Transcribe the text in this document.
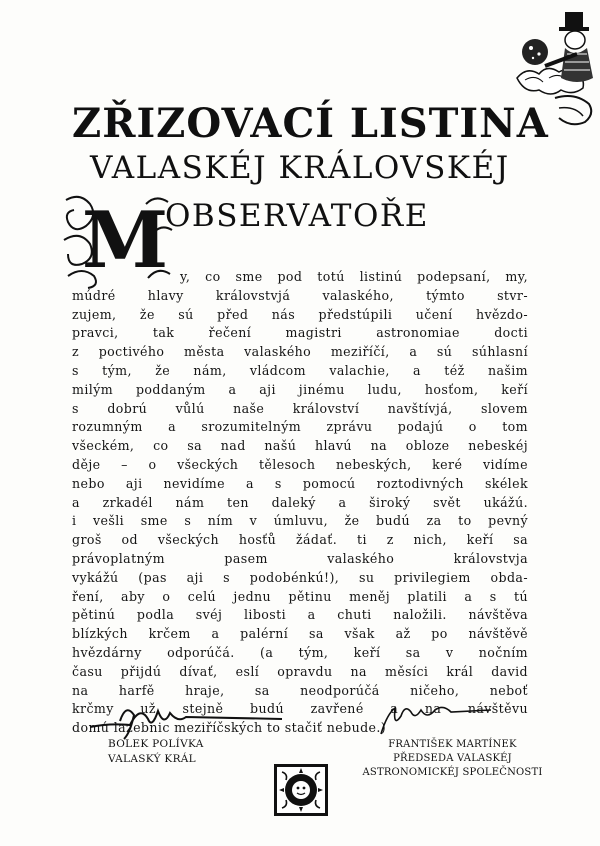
ZŘIZOVACÍ LISTINA
VALASKÉJ KRÁLOVSKÉJ
OBSERVATOŘE
M y, co sme pod totú listinú podepsaní, my, múdré hlavy královstvjá valaského, týmto stvr- zujem, že sú před nás předstúpili učení hvězdo- pravci, tak řečení magistri astronomiae docti z poctivého města valaského meziříčí, a sú súhlasní s tým, že nám, vládcom valachie, a též našim milým poddaným a aji jinému ludu, hosťom, keří s dobrú vůlú naše království navštívjá, slovem rozumným a srozumitelným zprávu podajú o tom všeckém, co sa nad našú hlavú na obloze nebeskéj děje – o všeckých tělesoch nebeských, keré vidíme nebo aji nevidíme a s pomocú roztodivných skélek a zrkadél nám ten daleký a široký svět ukážú. i vešli sme s ním v úmluvu, že budú za to pevný groš od všeckých hosťů žádať. ti z nich, keří sa právoplatným pasem valaského královstvja vykážú (pas aji s podobénkú!), su privilegiem obda- ření, aby o celú jednu pětinu meněj platili a s tú pětinú podla svéj libosti a chuti naložili. návštěva blízkých krčem a palérní sa však až po návštěvě hvězdárny odporúčá. (a tým, keří sa v nočním času přijdú dívať, eslí opravdu na měsíci král david na harfě hraje, sa neodporúčá ničeho, neboť krčmy už stejně budú zavřené a na návštěvu domú lazebnic meziříčských to stačiť nebude.)
BOLEK POLÍVKA
VALASKÝ KRÁL
FRANTIŠEK MARTÍNEK
PŘEDSEDA VALASKÉJ
ASTRONOMICKÉJ SPOLEČNOSTI
